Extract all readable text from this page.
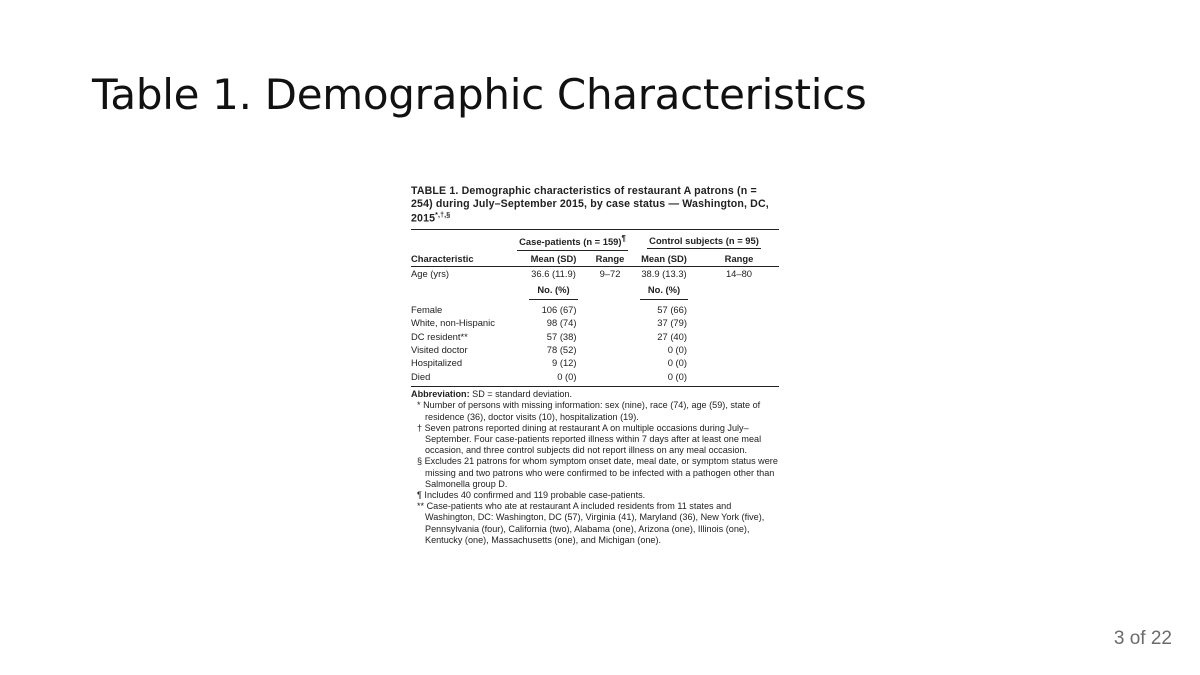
Table 1. Demographic Characteristics

TABLE 1. Demographic characteristics of restaurant A patrons (n = 254) during July–September 2015, by case status — Washington, DC, 2015*,†,§

	Case-patients (n = 159)¶		Control subjects (n = 95)	
Characteristic	Mean (SD)	Range	Mean (SD)	Range
Age (yrs)	36.6 (11.9)	9–72	38.9 (13.3)	14–80
	No. (%)		No. (%)	
Female	106 (67)		57 (66)	
White, non-Hispanic	98 (74)		37 (79)	
DC resident**	57 (38)		27 (40)	
Visited doctor	78 (52)		0 (0)	
Hospitalized	9 (12)		0 (0)	
Died	0 (0)		0 (0)	

Abbreviation: SD = standard deviation.

* Number of persons with missing information: sex (nine), race (74), age (59), state of residence (36), doctor visits (10), hospitalization (19).

† Seven patrons reported dining at restaurant A on multiple occasions during July–September. Four case-patients reported illness within 7 days after at least one meal occasion, and three control subjects did not report illness on any meal occasion.

§ Excludes 21 patrons for whom symptom onset date, meal date, or symptom status were missing and two patrons who were confirmed to be infected with a pathogen other than Salmonella group D.

¶ Includes 40 confirmed and 119 probable case-patients.

** Case-patients who ate at restaurant A included residents from 11 states and Washington, DC: Washington, DC (57), Virginia (41), Maryland (36), New York (five), Pennsylvania (four), California (two), Alabama (one), Arizona (one), Illinois (one), Kentucky (one), Massachusetts (one), and Michigan (one).

3 of 22
